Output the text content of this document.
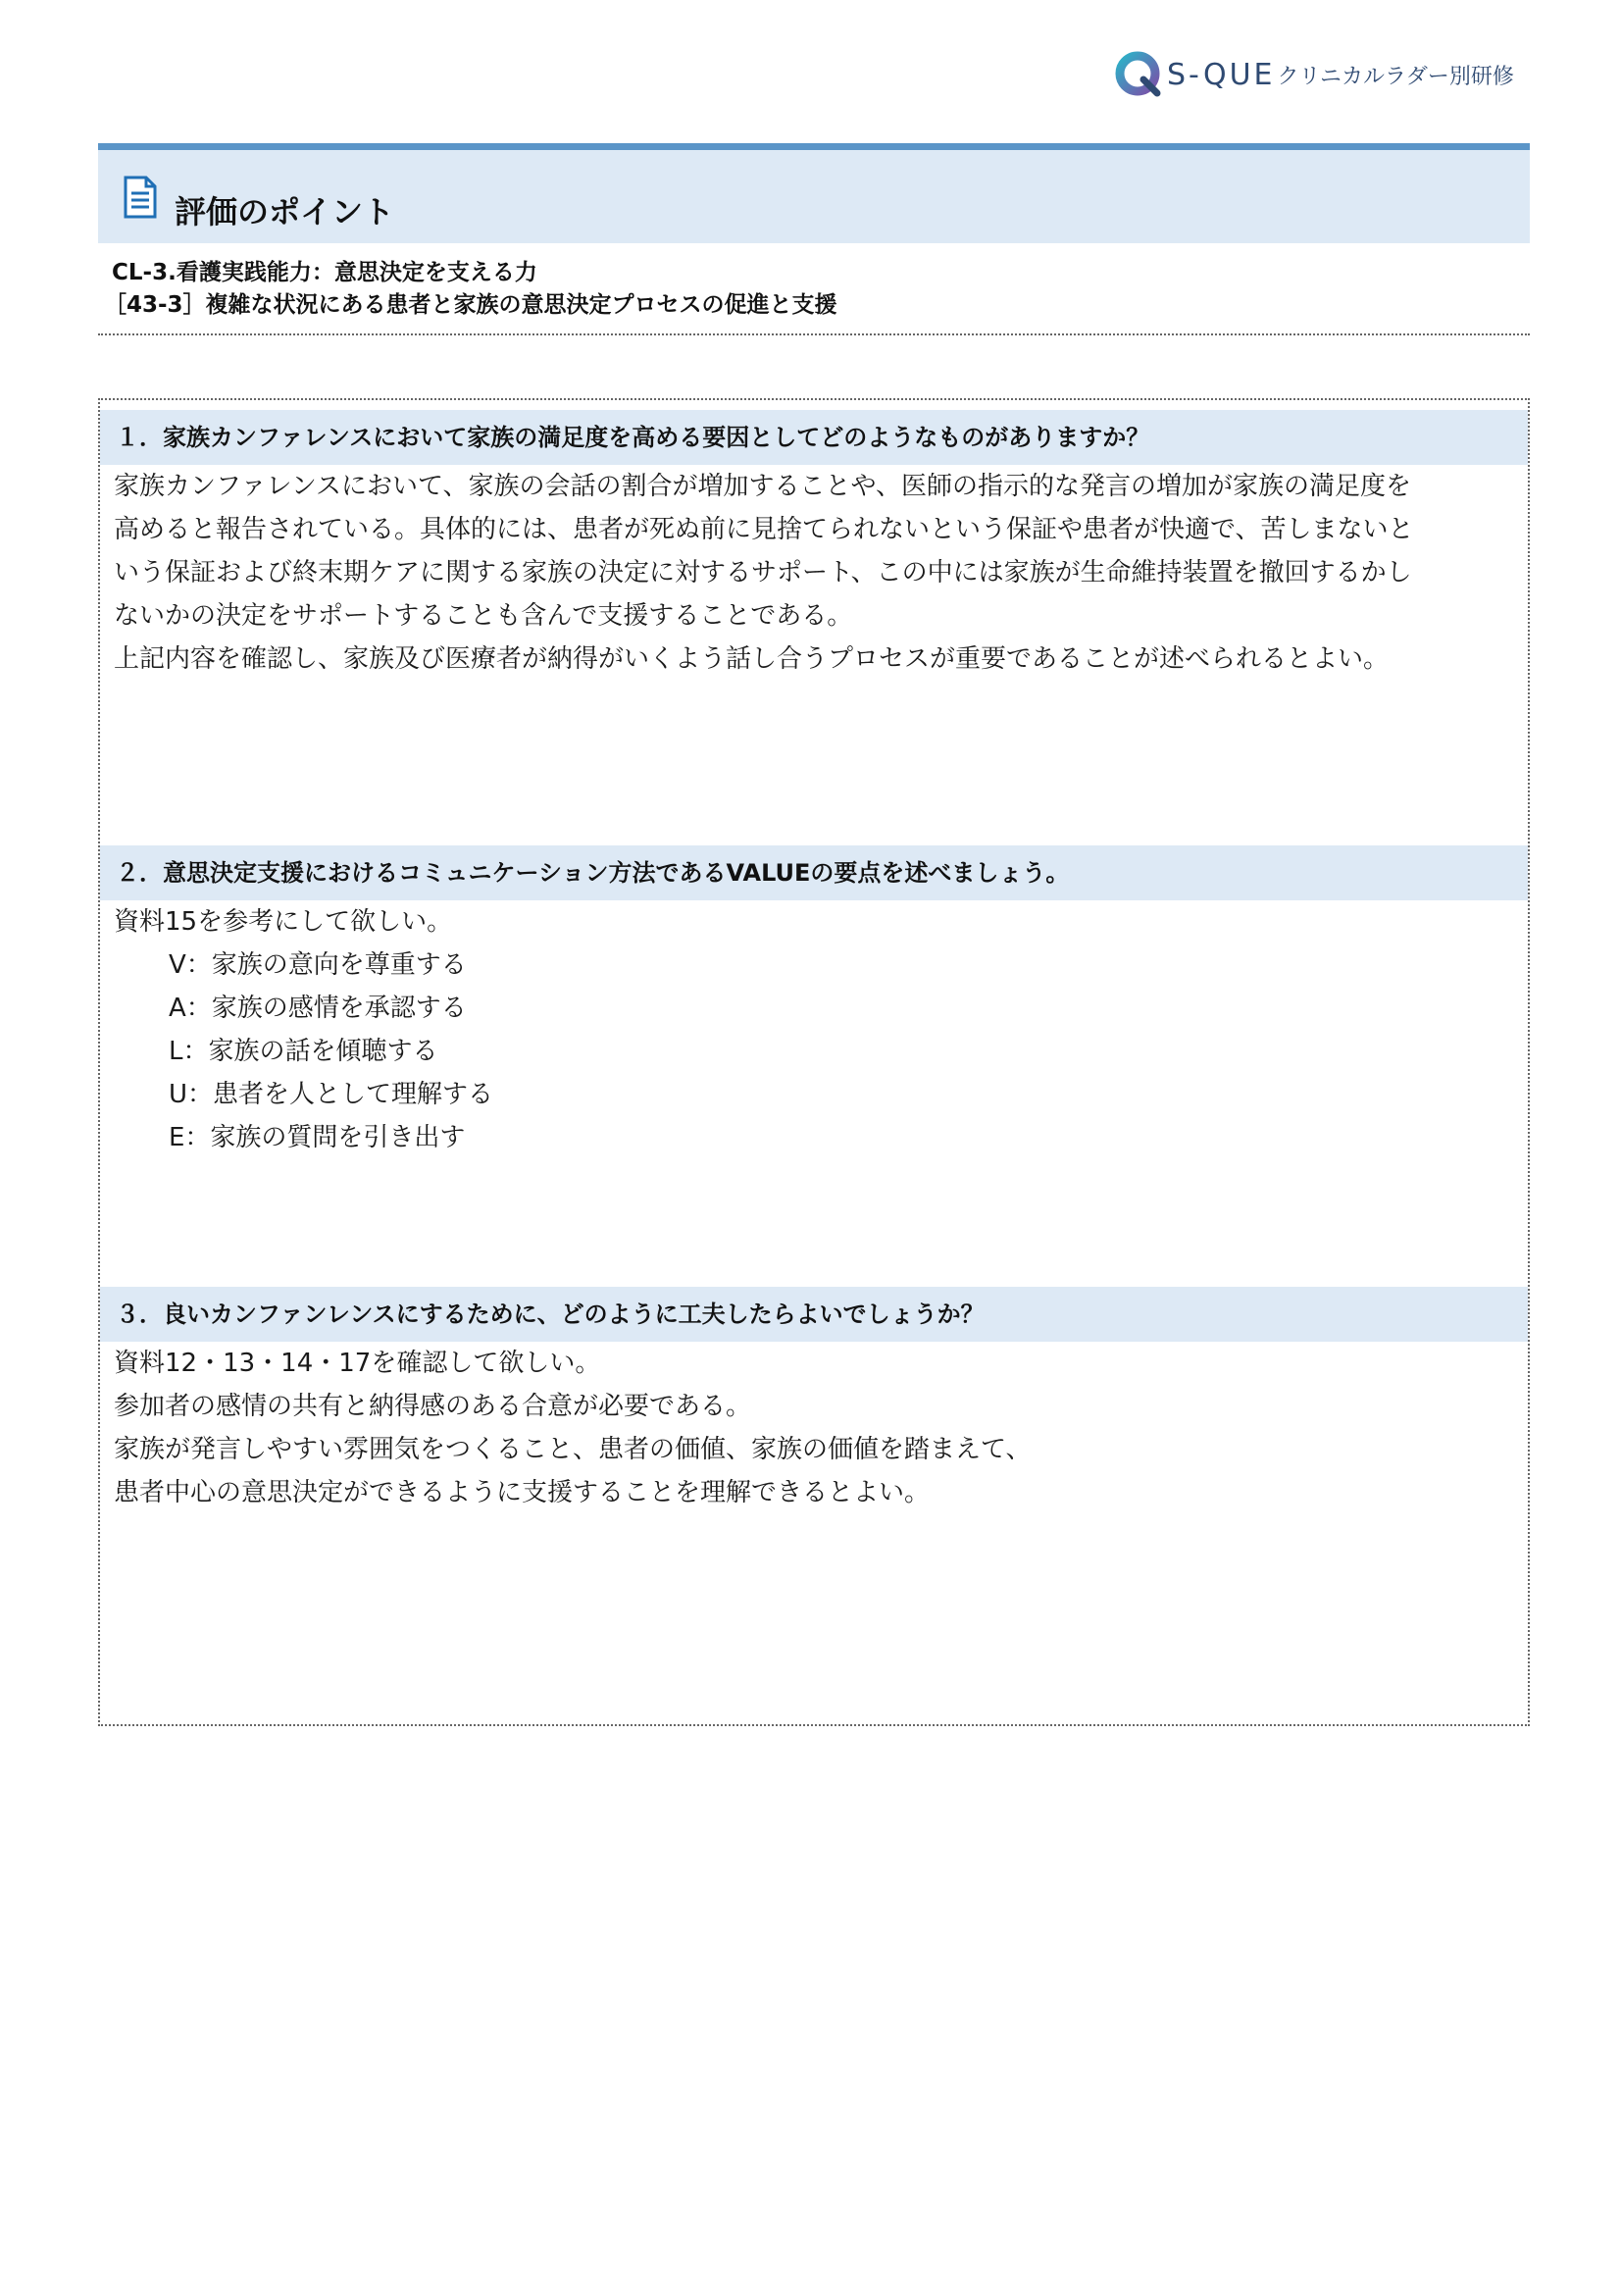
S-QUE クリニカルラダー別研修
評価のポイント
CL-3.看護実践能力：意思決定を支える力
［43-3］複雑な状況にある患者と家族の意思決定プロセスの促進と支援
１．家族カンファレンスにおいて家族の満足度を高める要因としてどのようなものがありますか？

家族カンファレンスにおいて、家族の会話の割合が増加することや、医師の指示的な発言の増加が家族の満足度を

高めると報告されている。具体的には、患者が死ぬ前に見捨てられないという保証や患者が快適で、苦しまないと

いう保証および終末期ケアに関する家族の決定に対するサポート、この中には家族が生命維持装置を撤回するかし

ないかの決定をサポートすることも含んで支援することである。

上記内容を確認し、家族及び医療者が納得がいくよう話し合うプロセスが重要であることが述べられるとよい。

２．意思決定支援におけるコミュニケーション方法であるVALUEの要点を述べましょう。

資料15を参考にして欲しい。

V：家族の意向を尊重する

A：家族の感情を承認する

L：家族の話を傾聴する

U：患者を人として理解する

E：家族の質問を引き出す

３．良いカンファンレンスにするために、どのように工夫したらよいでしょうか？

資料12・13・14・17を確認して欲しい。

参加者の感情の共有と納得感のある合意が必要である。

家族が発言しやすい雰囲気をつくること、患者の価値、家族の価値を踏まえて、

患者中心の意思決定ができるように支援することを理解できるとよい。
